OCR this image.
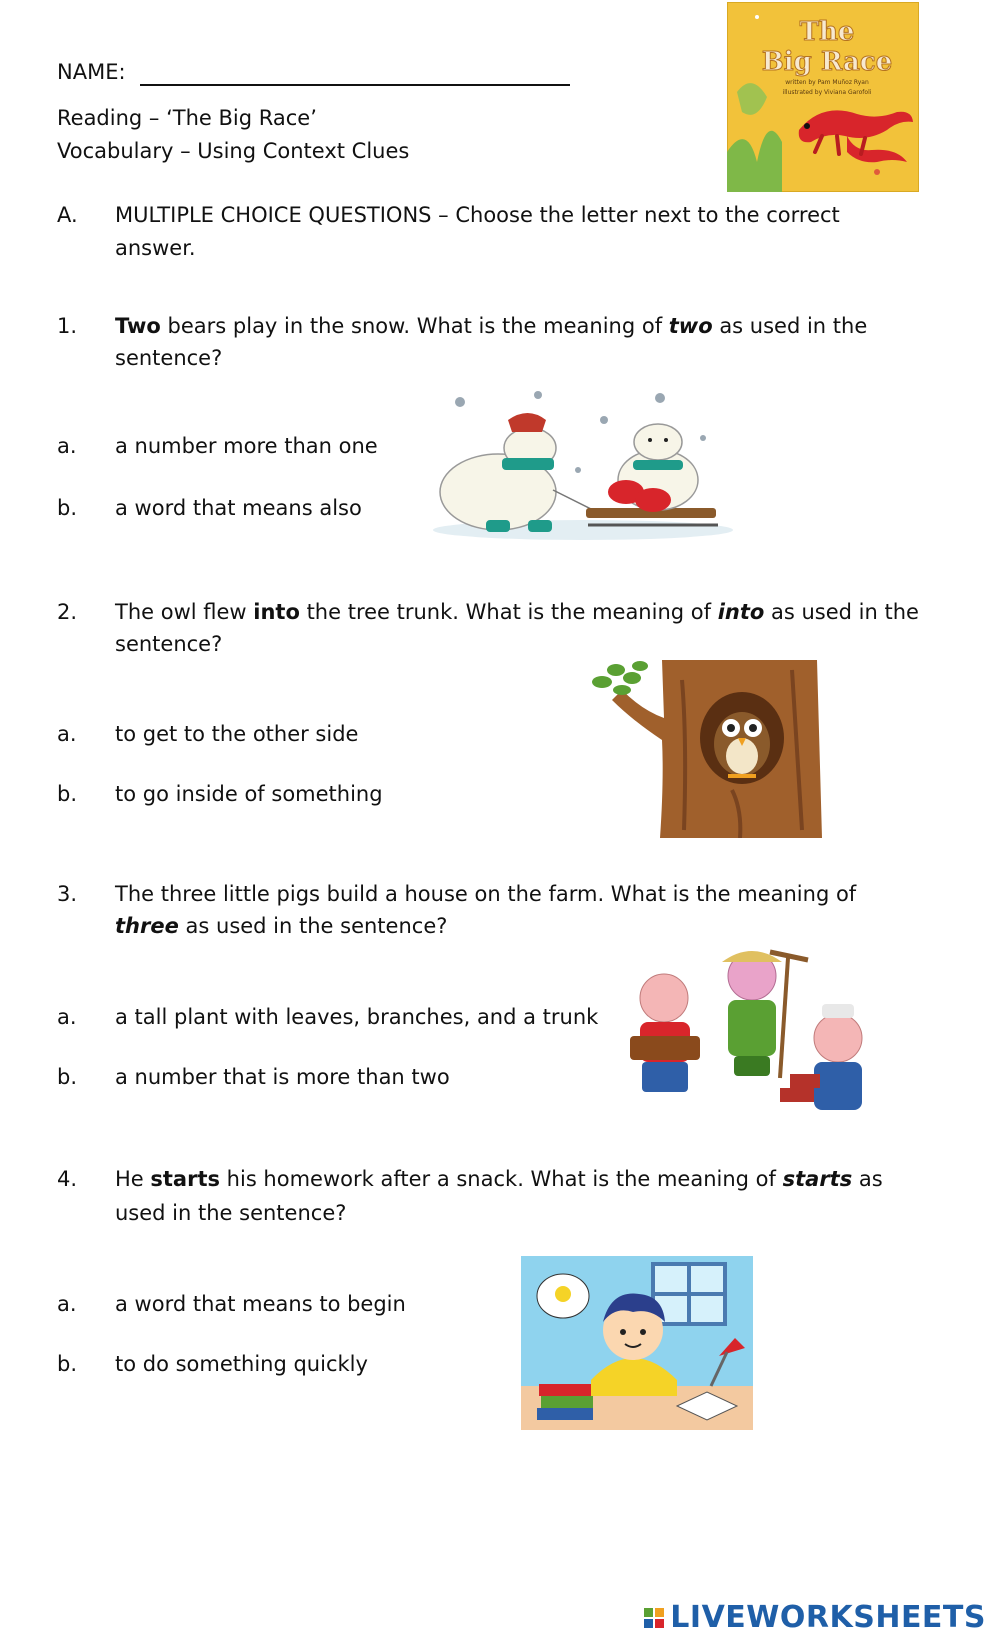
NAME:
Reading – ‘The Big Race’
Vocabulary – Using Context Clues
The
Big Race
written by Pam Muñoz Ryan
illustrated by Viviana Garofoli
A. MULTIPLE CHOICE QUESTIONS – Choose the letter next to the correct
answer.
1. Two bears play in the snow. What is the meaning of two as used in the
sentence?
a. a number more than one
b. a word that means also
2. The owl flew into the tree trunk. What is the meaning of into as used in the
sentence?
a. to get to the other side
b. to go inside of something
3. The three little pigs build a house on the farm. What is the meaning of
three as used in the sentence?
a. a tall plant with leaves, branches, and a trunk
b. a number that is more than two
4. He starts his homework after a snack. What is the meaning of starts as
used in the sentence?
a. a word that means to begin
b. to do something quickly
LIVEWORKSHEETS
